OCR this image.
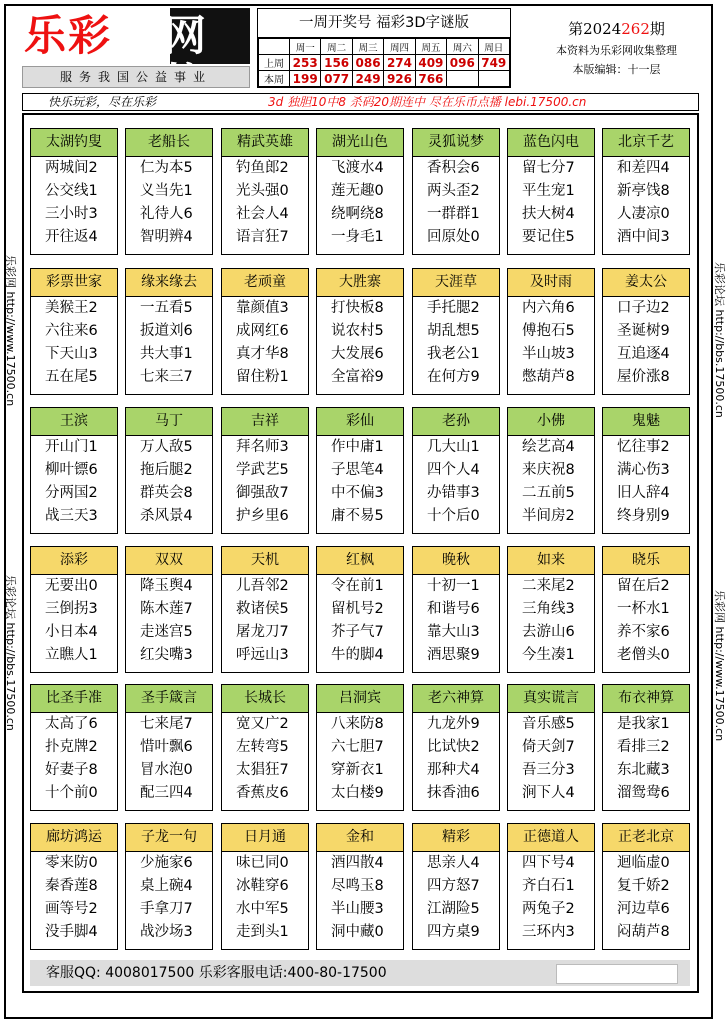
乐彩 网
服务我国公益事业
一周开奖号 福彩3D字谜版
	周一	周二	周三	周四	周五	周六	周日
上周	253	156	086	274	409	096	749
本周	199	077	249	926	766		
第2024262期
本资料为乐彩网收集整理
本版编辑：十一层
快乐玩彩，尽在乐彩	3d 独胆10中8 杀码20期连中 尽在乐币点播 lebi.17500.cn
乐彩网 http://www.17500.cn
乐彩论坛 http://bbs.17500.cn
乐彩论坛 http://bbs.17500.cn
乐彩网 http://www.17500.cn
太湖钓叟
两城间2
公交线1
三小时3
开往返4
老船长
仁为本5
义当先1
礼待人6
智明辨4
精武英雄
钓鱼郎2
光头强0
社会人4
语言狂7
湖光山色
飞渡水4
莲无趣0
绕啊绕8
一身毛1
灵狐说梦
香积会6
两头歪2
一群群1
回原处0
蓝色闪电
留七分7
平生宠1
扶大树4
要记住5
北京千艺
和差四4
新亭饯8
人凄凉0
酒中间3
彩票世家
美猴王2
六往来6
下天山3
五在尾5
缘来缘去
一五看5
扳道刘6
共大事1
七来三7
老顽童
靠颜值3
成网红6
真才华8
留住粉1
大胜寨
打快板8
说农村5
大发展6
全富裕9
天涯草
手托腮2
胡乱想5
我老公1
在何方9
及时雨
内六角6
傅抱石5
半山坡3
憋葫芦8
姜太公
口子边2
圣诞树9
互追逐4
屋价涨8
王滨
开山门1
柳叶镖6
分两国2
战三天3
马丁
万人敌5
拖后腿2
群英会8
杀风景4
吉祥
拜名师3
学武艺5
御强敌7
护乡里6
彩仙
作中庸1
子思笔4
中不偏3
庸不易5
老孙
几大山1
四个人4
办错事3
十个后0
小佛
绘艺高4
来庆祝8
二五前5
半间房2
鬼魅
忆往事2
满心伤3
旧人辞4
终身别9
添彩
无要出0
三倒拐3
小日本4
立瞧人1
双双
降玉舆4
陈木莲7
走迷宫5
红尖嘴3
天机
儿吾邻2
救诸侯5
屠龙刀7
呼远山3
红枫
令在前1
留机号2
芥子气7
牛的脚4
晚秋
十初一1
和谐号6
靠大山3
酒思聚9
如来
二来尾2
三角线3
去游山6
今生凑1
晓乐
留在后2
一杯水1
养不家6
老僧头0
比圣手准
太高了6
扑克牌2
好妻子8
十个前0
圣手箴言
七来尾7
惜叶飘6
冒水泡0
配三四4
长城长
宽又广2
左转弯5
太猖狂7
香蕉皮6
吕洞宾
八来防8
六七胆7
穿新衣1
太白楼9
老六神算
九龙外9
比试快2
那种犬4
抹香油6
真实谎言
音乐感5
倚天剑7
吾三分3
涧下人4
布衣神算
是我家1
看排三2
东北藏3
溜鸳鸯6
廊坊鸿运
零来防0
秦香莲8
画等号2
没手脚4
子龙一句
少施家6
桌上碗4
手拿刀7
战沙场3
日月通
味已同0
冰鞋穿6
水中军5
走到头1
金和
酒四散4
尽鸣玉8
半山腰3
洞中藏0
精彩
思亲人4
四方怒7
江湖险5
四方桌9
正德道人
四下号4
齐白石1
两兔子2
三环内3
正老北京
迴临虚0
复千娇2
河边草6
闷葫芦8
客服QQ: 4008017500 乐彩客服电话:400-80-17500
